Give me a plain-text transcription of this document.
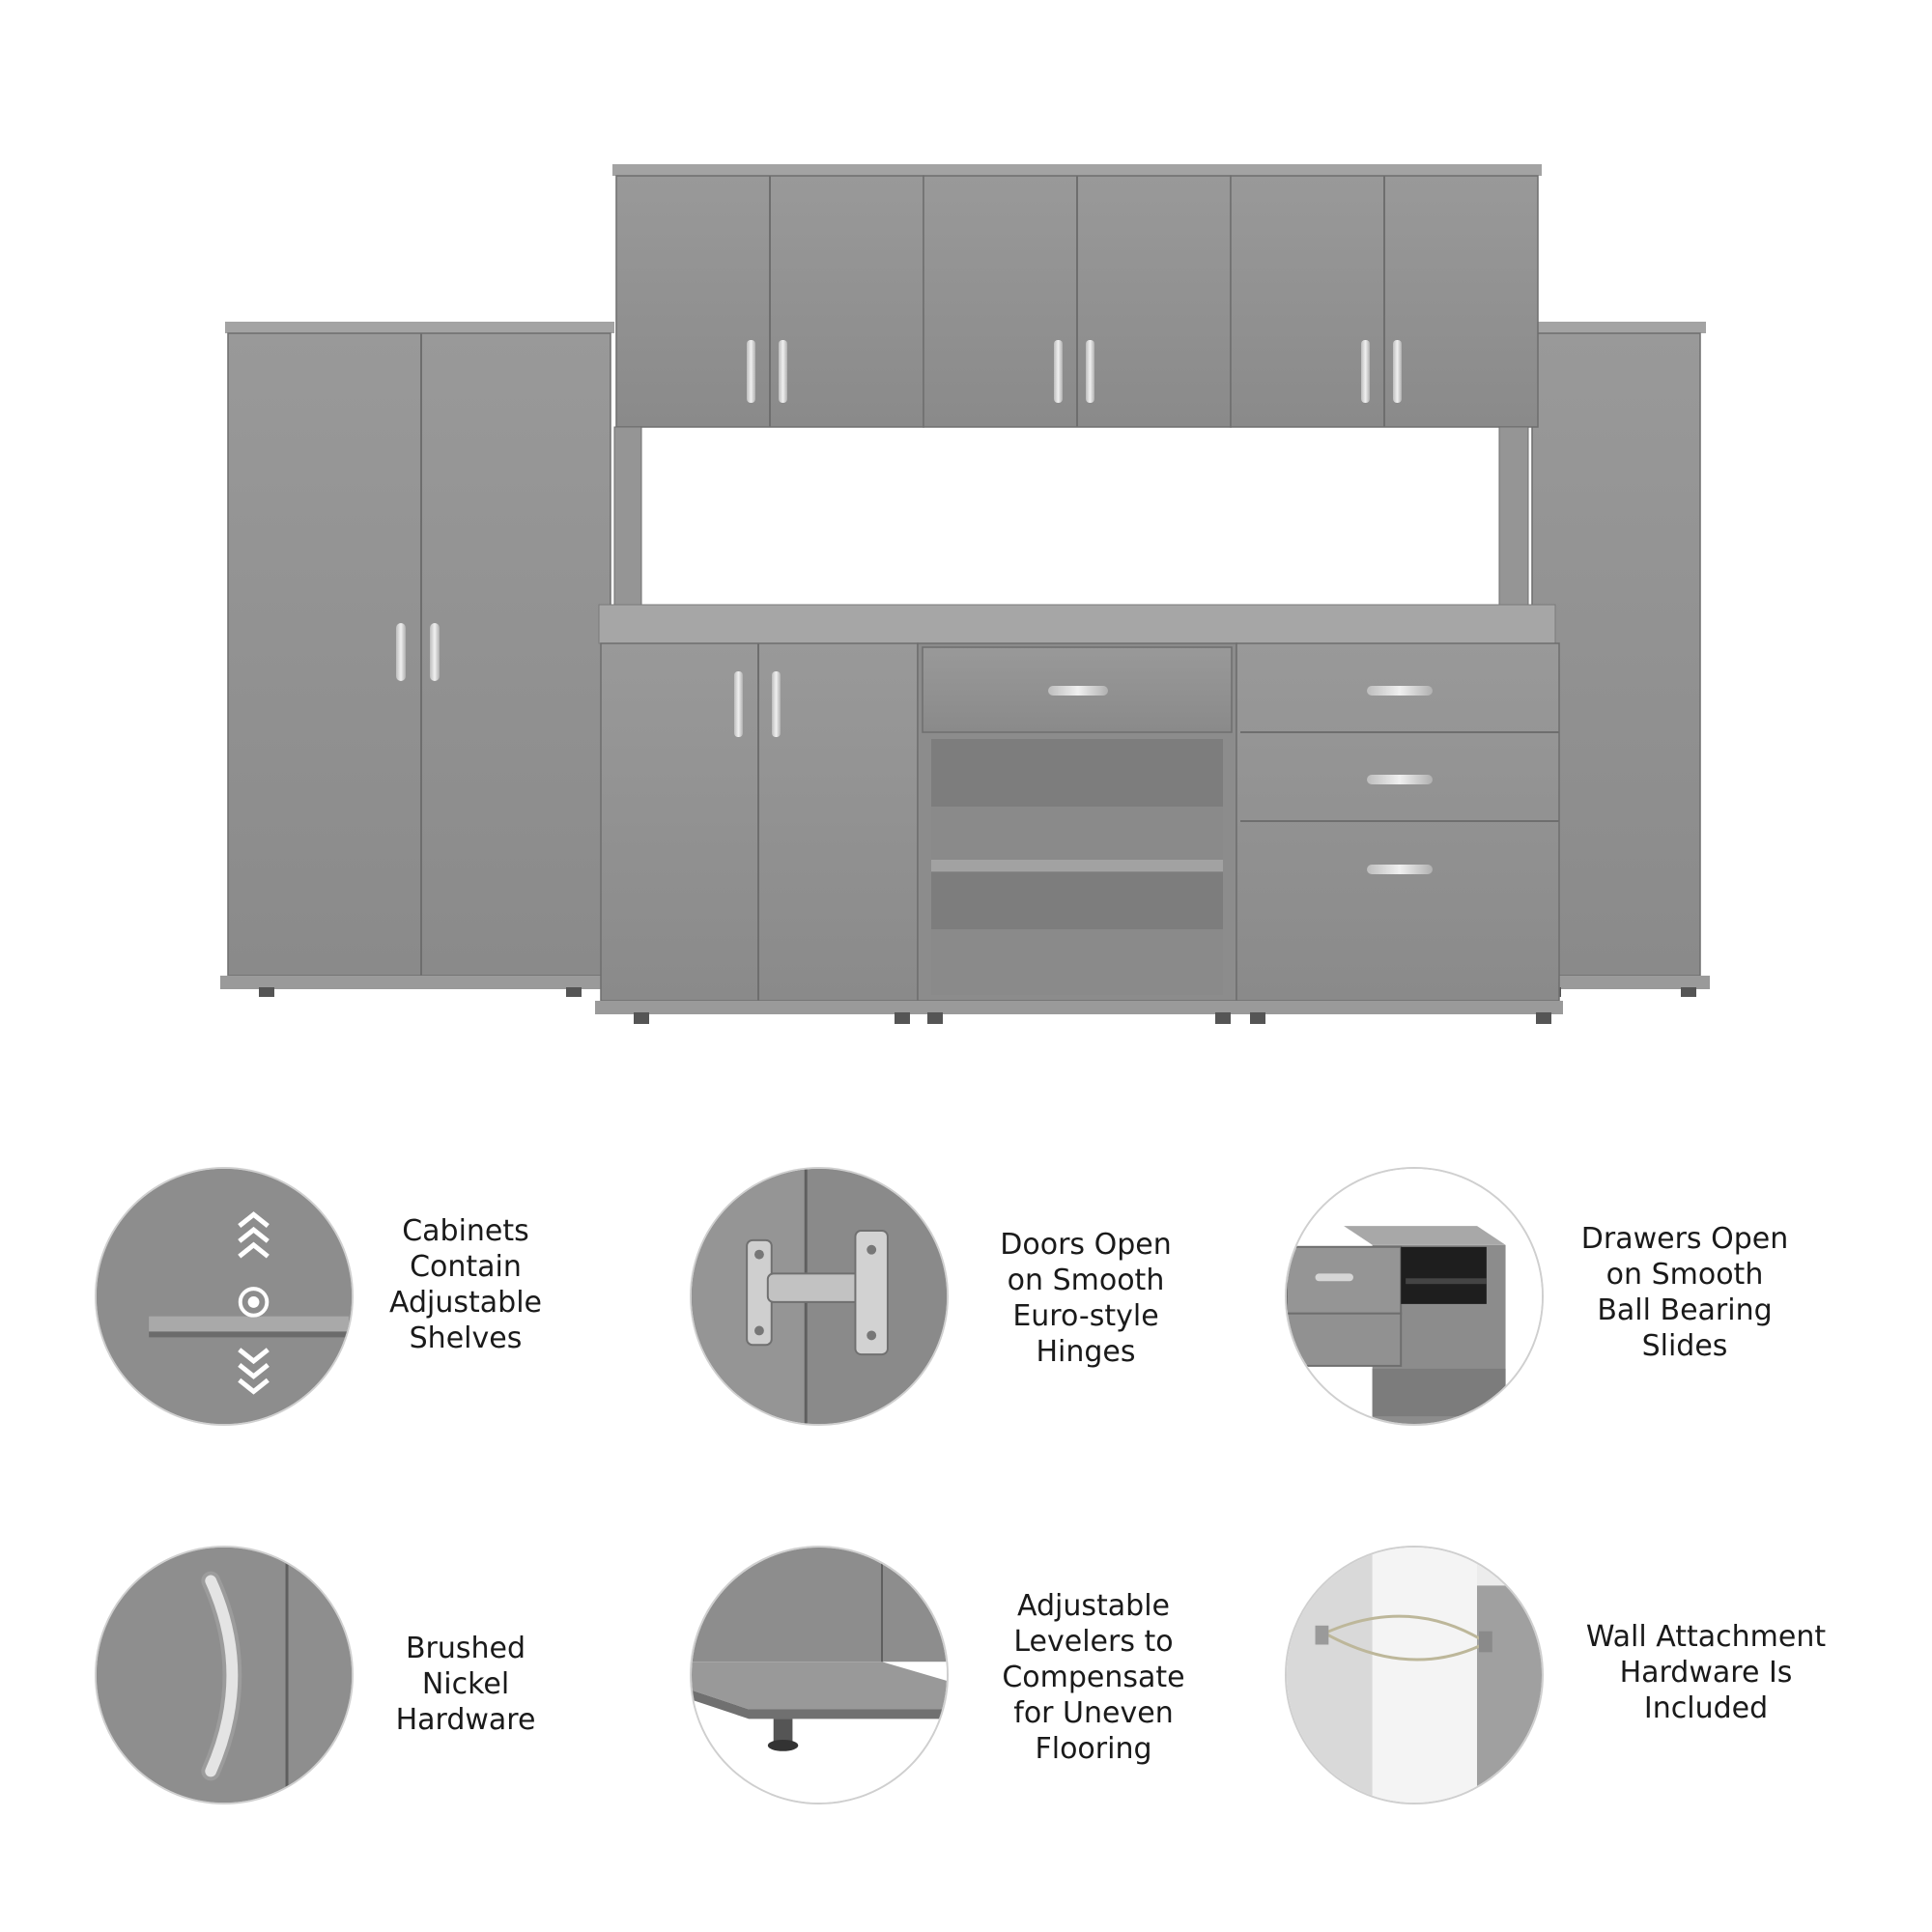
Cabinets
Contain
Adjustable
Shelves
Doors Open
on Smooth
Euro-style
Hinges
Drawers Open
on Smooth
Ball Bearing
Slides
Brushed
Nickel
Hardware
Adjustable
Levelers to
Compensate
for Uneven
Flooring
Wall Attachment
Hardware Is
Included
